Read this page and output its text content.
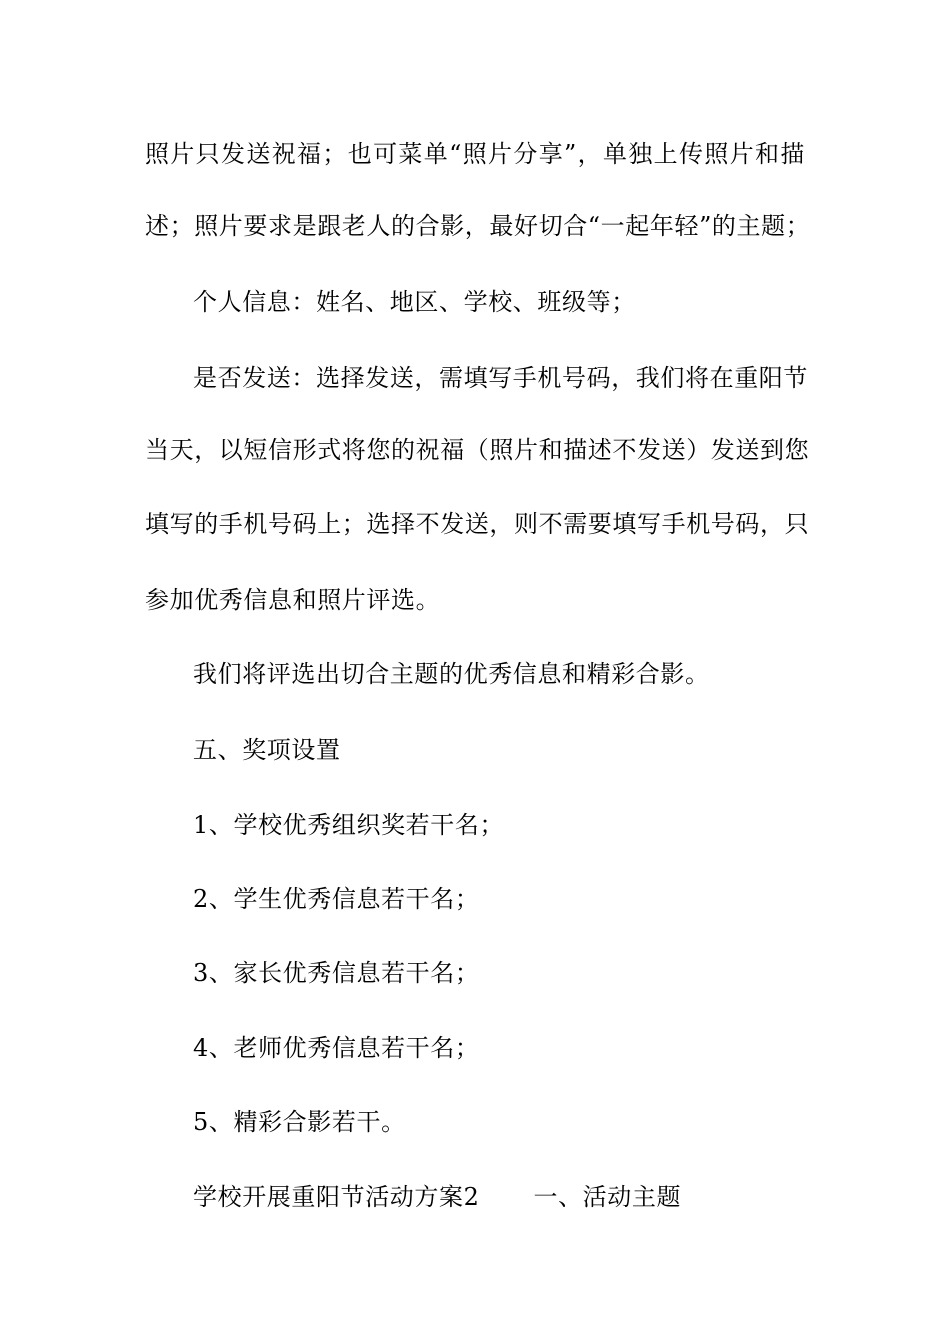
照片只发送祝福；也可菜单“照片分享”，单独上传照片和描
述；照片要求是跟老人的合影，最好切合“一起年轻”的主题；
个人信息：姓名、地区、学校、班级等；
是否发送：选择发送，需填写手机号码，我们将在重阳节
当天，以短信形式将您的祝福（照片和描述不发送）发送到您
填写的手机号码上；选择不发送，则不需要填写手机号码，只
参加优秀信息和照片评选。
我们将评选出切合主题的优秀信息和精彩合影。
五、奖项设置
1、学校优秀组织奖若干名；
2、学生优秀信息若干名；
3、家长优秀信息若干名；
4、老师优秀信息若干名；
5、精彩合影若干。
学校开展重阳节活动方案2 一、活动主题
